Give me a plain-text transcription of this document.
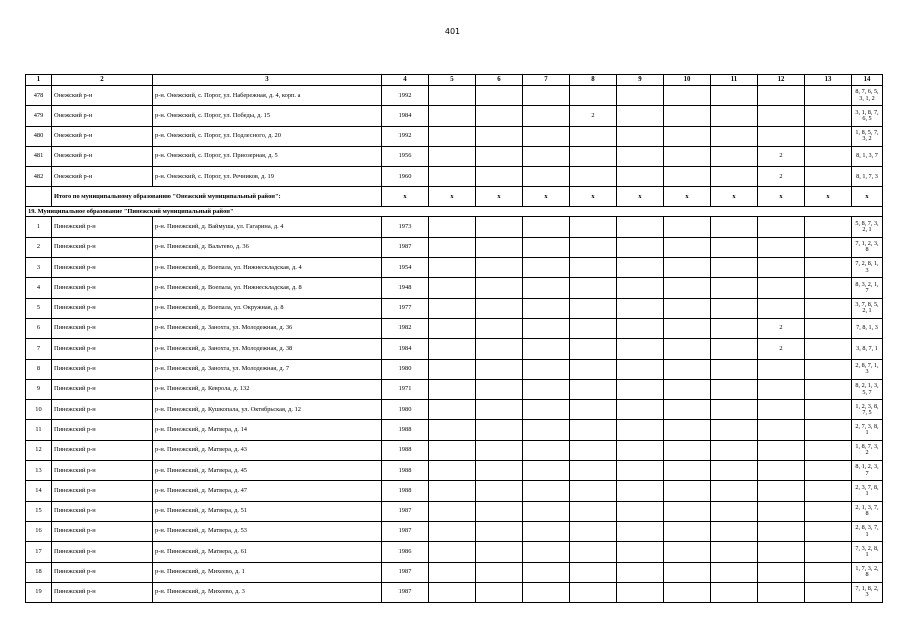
401
1	2	3	4	5	6	7	8	9	10	11	12	13	14
478	Онежский р-н	р-н. Онежский, с. Порог, ул. Набережная, д. 4, корп. а	1992										8, 7, 6, 5, 3, 1, 2
479	Онежский р-н	р-н. Онежский, с. Порог, ул. Победы, д. 15	1984				2						3, 1, 8, 7, 6, 5
480	Онежский р-н	р-н. Онежский, с. Порог, ул. Подлесного, д. 20	1992										1, 8, 5, 7, 3, 2
481	Онежский р-н	р-н. Онежский, с. Порог, ул. Приозерная, д. 5	1956								2		8, 1, 3, 7
482	Онежский р-н	р-н. Онежский, с. Порог, ул. Речников, д. 19	1960								2		8, 1, 7, 3
	Итого по муниципальному образованию "Онежский муниципальный район":		х	х	х	х	х	х	х	х	х	х	х
19. Муниципальное образование "Пинежский муниципальный район"													
1	Пинежский р-н	р-н. Пинежский, д. Ваймуша, ул. Гагарина, д. 4	1973										5, 8, 7, 3, 2, 1
2	Пинежский р-н	р-н. Пинежский, д. Вальтево, д. 36	1987										7, 1, 2, 3, 8
3	Пинежский р-н	р-н. Пинежский, д. Воепала, ул. Нижнескладская, д. 4	1954										7, 2, 8, 1, 3
4	Пинежский р-н	р-н. Пинежский, д. Воепала, ул. Нижнескладская, д. 8	1948										8, 3, 2, 1, 7
5	Пинежский р-н	р-н. Пинежский, д. Воепала, ул. Окружная, д. 8	1977										3, 7, 8, 5, 2, 1
6	Пинежский р-н	р-н. Пинежский, д. Занохта, ул. Молодежная, д. 36	1982								2		7, 8, 1, 3
7	Пинежский р-н	р-н. Пинежский, д. Занохта, ул. Молодежная, д. 38	1984								2		3, 8, 7, 1
8	Пинежский р-н	р-н. Пинежский, д. Занохта, ул. Молодежная, д. 7	1980										2, 8, 7, 1, 3
9	Пинежский р-н	р-н. Пинежский, д. Кеврола, д. 132	1971										8, 2, 1, 3, 5, 7
10	Пинежский р-н	р-н. Пинежский, д. Кушкопала, ул. Октябрьская, д. 12	1980										1, 2, 3, 8, 7, 5
11	Пинежский р-н	р-н. Пинежский, д. Матвера, д. 14	1988										2, 7, 3, 8, 1
12	Пинежский р-н	р-н. Пинежский, д. Матвера, д. 43	1988										1, 8, 7, 3, 2
13	Пинежский р-н	р-н. Пинежский, д. Матвера, д. 45	1988										8, 1, 2, 3, 7
14	Пинежский р-н	р-н. Пинежский, д. Матвера, д. 47	1988										2, 3, 7, 8, 1
15	Пинежский р-н	р-н. Пинежский, д. Матвера, д. 51	1987										2, 1, 3, 7, 8
16	Пинежский р-н	р-н. Пинежский, д. Матвера, д. 53	1987										2, 8, 3, 7, 1
17	Пинежский р-н	р-н. Пинежский, д. Матвера, д. 61	1986										7, 3, 2, 8, 1
18	Пинежский р-н	р-н. Пинежский, д. Михеево, д. 1	1987										1, 7, 3, 2, 8
19	Пинежский р-н	р-н. Пинежский, д. Михеево, д. 3	1987										7, 1, 8, 2, 3
